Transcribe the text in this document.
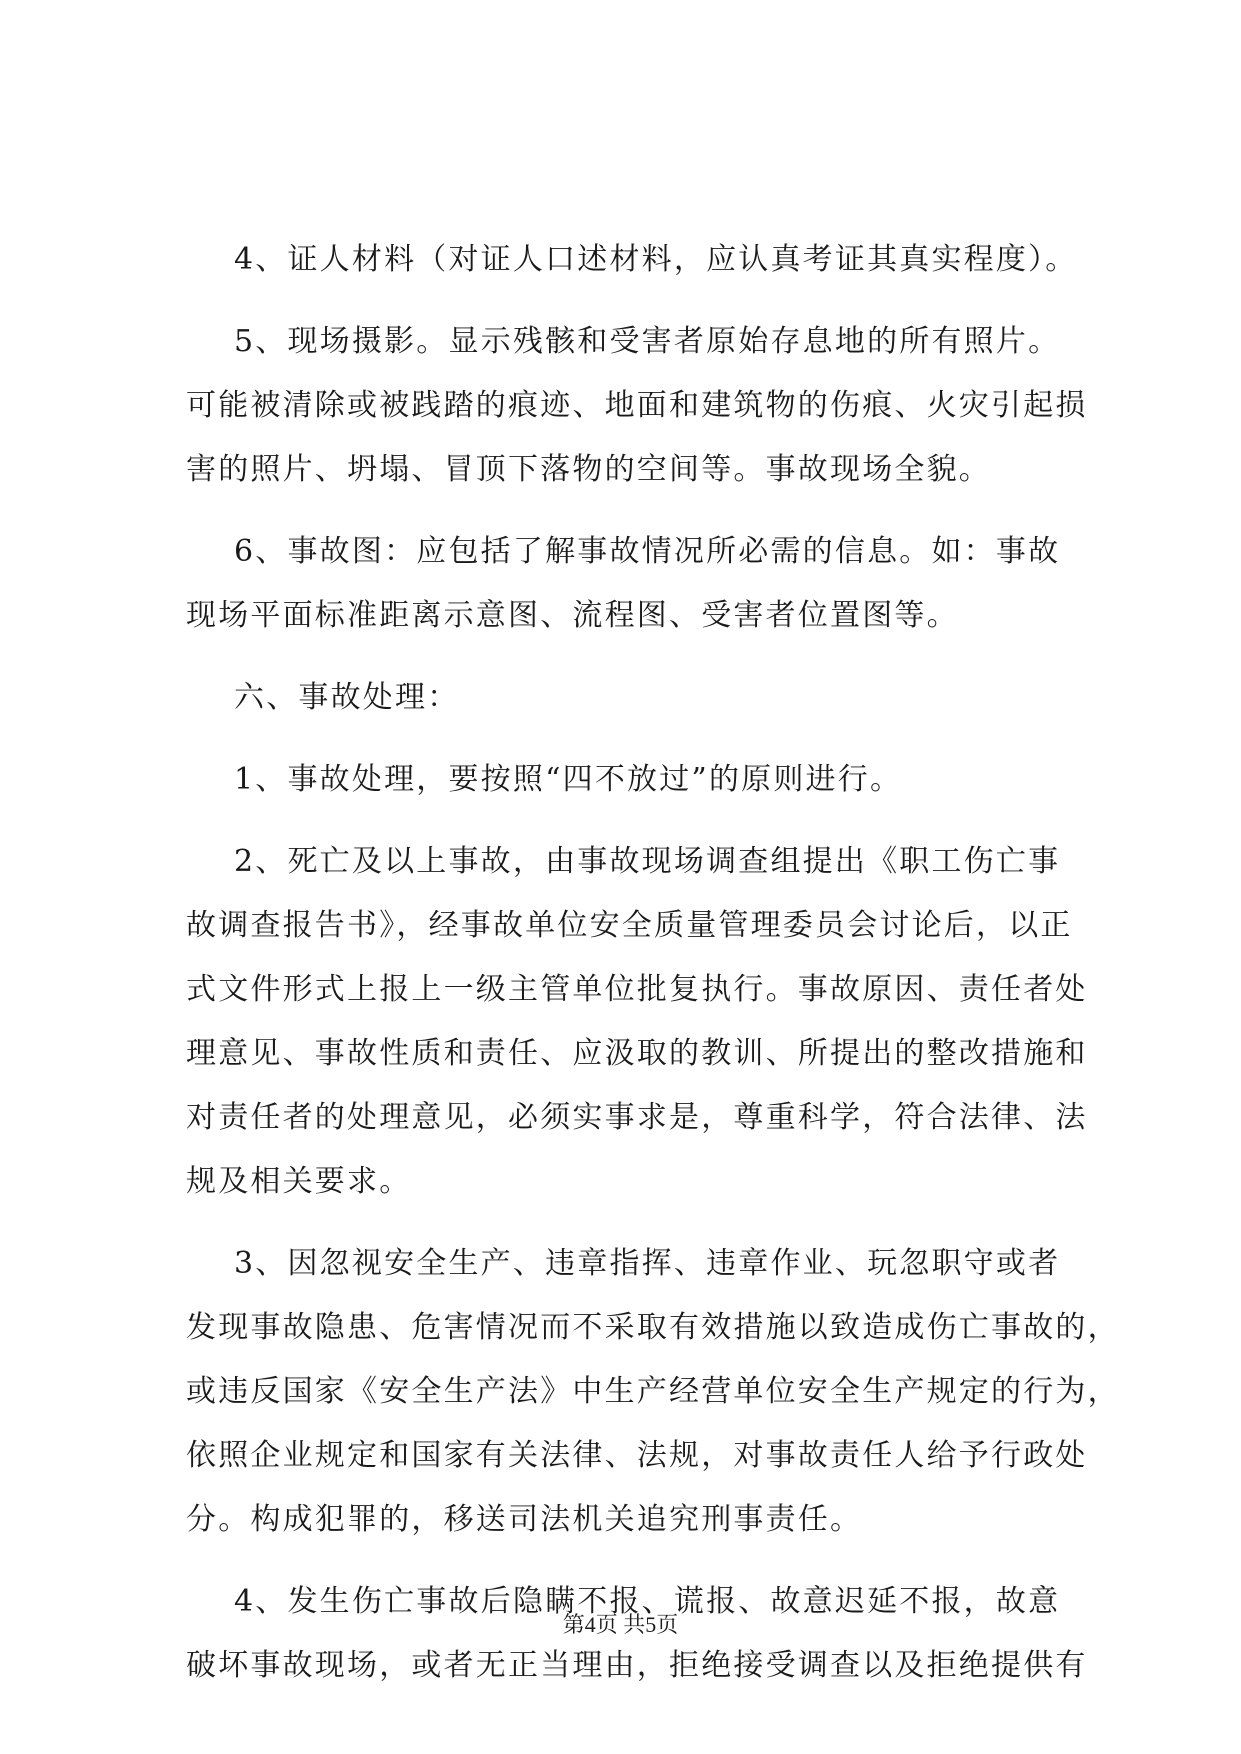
4、证人材料（对证人口述材料，应认真考证其真实程度）。
5、现场摄影。显示残骸和受害者原始存息地的所有照片。
可能被清除或被践踏的痕迹、地面和建筑物的伤痕、火灾引起损
害的照片、坍塌、冒顶下落物的空间等。事故现场全貌。
6、事故图：应包括了解事故情况所必需的信息。如：事故
现场平面标准距离示意图、流程图、受害者位置图等。
六、事故处理：
1、事故处理，要按照“四不放过”的原则进行。
2、死亡及以上事故，由事故现场调查组提出《职工伤亡事
故调查报告书》，经事故单位安全质量管理委员会讨论后，以正
式文件形式上报上一级主管单位批复执行。事故原因、责任者处
理意见、事故性质和责任、应汲取的教训、所提出的整改措施和
对责任者的处理意见，必须实事求是，尊重科学，符合法律、法
规及相关要求。
3、因忽视安全生产、违章指挥、违章作业、玩忽职守或者
发现事故隐患、危害情况而不采取有效措施以致造成伤亡事故的，
或违反国家《安全生产法》中生产经营单位安全生产规定的行为，
依照企业规定和国家有关法律、法规，对事故责任人给予行政处
分。构成犯罪的，移送司法机关追究刑事责任。
4、发生伤亡事故后隐瞒不报、谎报、故意迟延不报，故意
破坏事故现场，或者无正当理由，拒绝接受调查以及拒绝提供有
第4页 共5页
